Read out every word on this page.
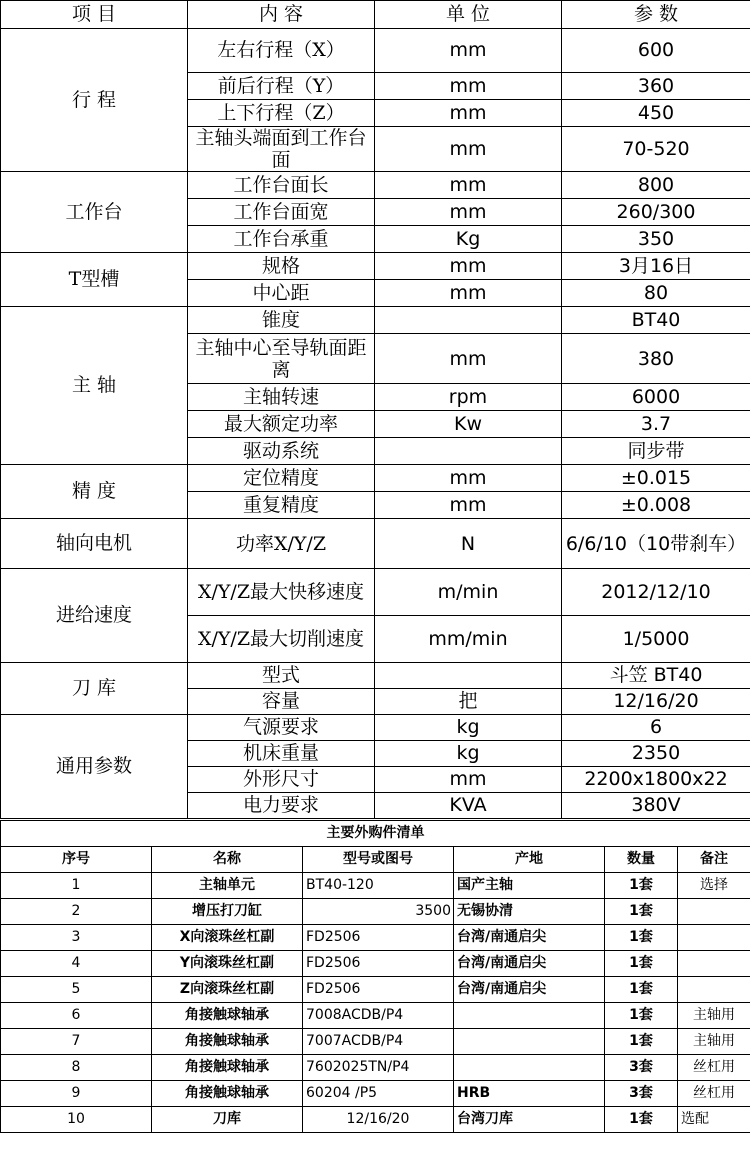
项 目	内 容	单 位	参 数
行 程	左右行程（X）	mm	600
	前后行程（Y）	mm	360
	上下行程（Z）	mm	450
	主轴头端面到工作台面	mm	70-520
工作台	工作台面长	mm	800
	工作台面宽	mm	260/300
	工作台承重	Kg	350
T型槽	规格	mm	3月16日
	中心距	mm	80
主 轴	锥度		BT40
	主轴中心至导轨面距离	mm	380
	主轴转速	rpm	6000
	最大额定功率	Kw	3.7
	驱动系统		同步带
精 度	定位精度	mm	±0.015
	重复精度	mm	±0.008
轴向电机	功率X/Y/Z	N	6/6/10（10带刹车）
进给速度	X/Y/Z最大快移速度	m/min	2012/12/10
	X/Y/Z最大切削速度	mm/min	1/5000
刀 库	型式		斗笠 BT40
	容量	把	12/16/20
通用参数	气源要求	kg	6
	机床重量	kg	2350
	外形尺寸	mm	2200x1800x22
	电力要求	KVA	380V
主要外购件清单					
序号	名称	型号或图号	产地	数量	备注
1	主轴单元	BT40-120	国产主轴	1套	选择
2	增压打刀缸	3500	无锡协清	1套	
3	X向滚珠丝杠副	FD2506	台湾/南通启尖	1套	
4	Y向滚珠丝杠副	FD2506	台湾/南通启尖	1套	
5	Z向滚珠丝杠副	FD2506	台湾/南通启尖	1套	
6	角接触球轴承	7008ACDB/P4		1套	主轴用
7	角接触球轴承	7007ACDB/P4		1套	主轴用
8	角接触球轴承	7602025TN/P4		3套	丝杠用
9	角接触球轴承	60204 /P5	HRB	3套	丝杠用
10	刀库	12/16/20	台湾刀库	1套	选配
